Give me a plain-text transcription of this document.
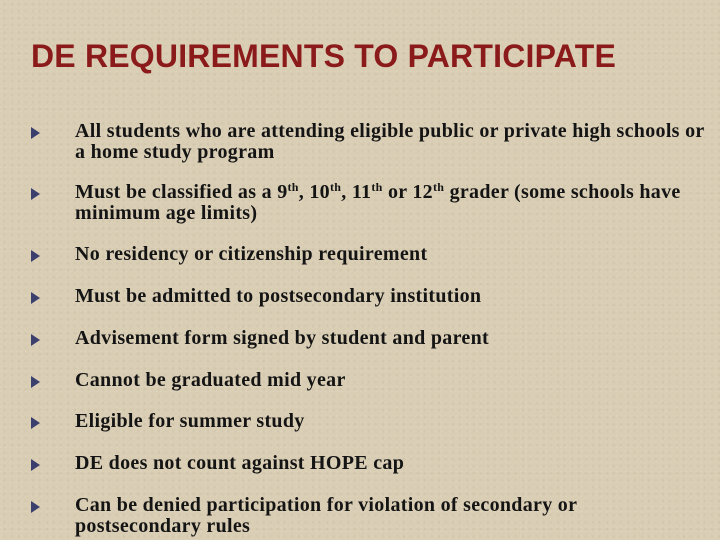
DE REQUIREMENTS TO PARTICIPATE
All students who are attending eligible public or private high schools or a home study program
Must be classified as a 9th, 10th, 11th or 12th grader (some schools have minimum age limits)
No residency or citizenship requirement
Must be admitted to postsecondary institution
Advisement form signed by student and parent
Cannot be graduated mid year
Eligible for summer study
DE does not count against HOPE cap
Can be denied participation for violation of secondary or postsecondary rules
